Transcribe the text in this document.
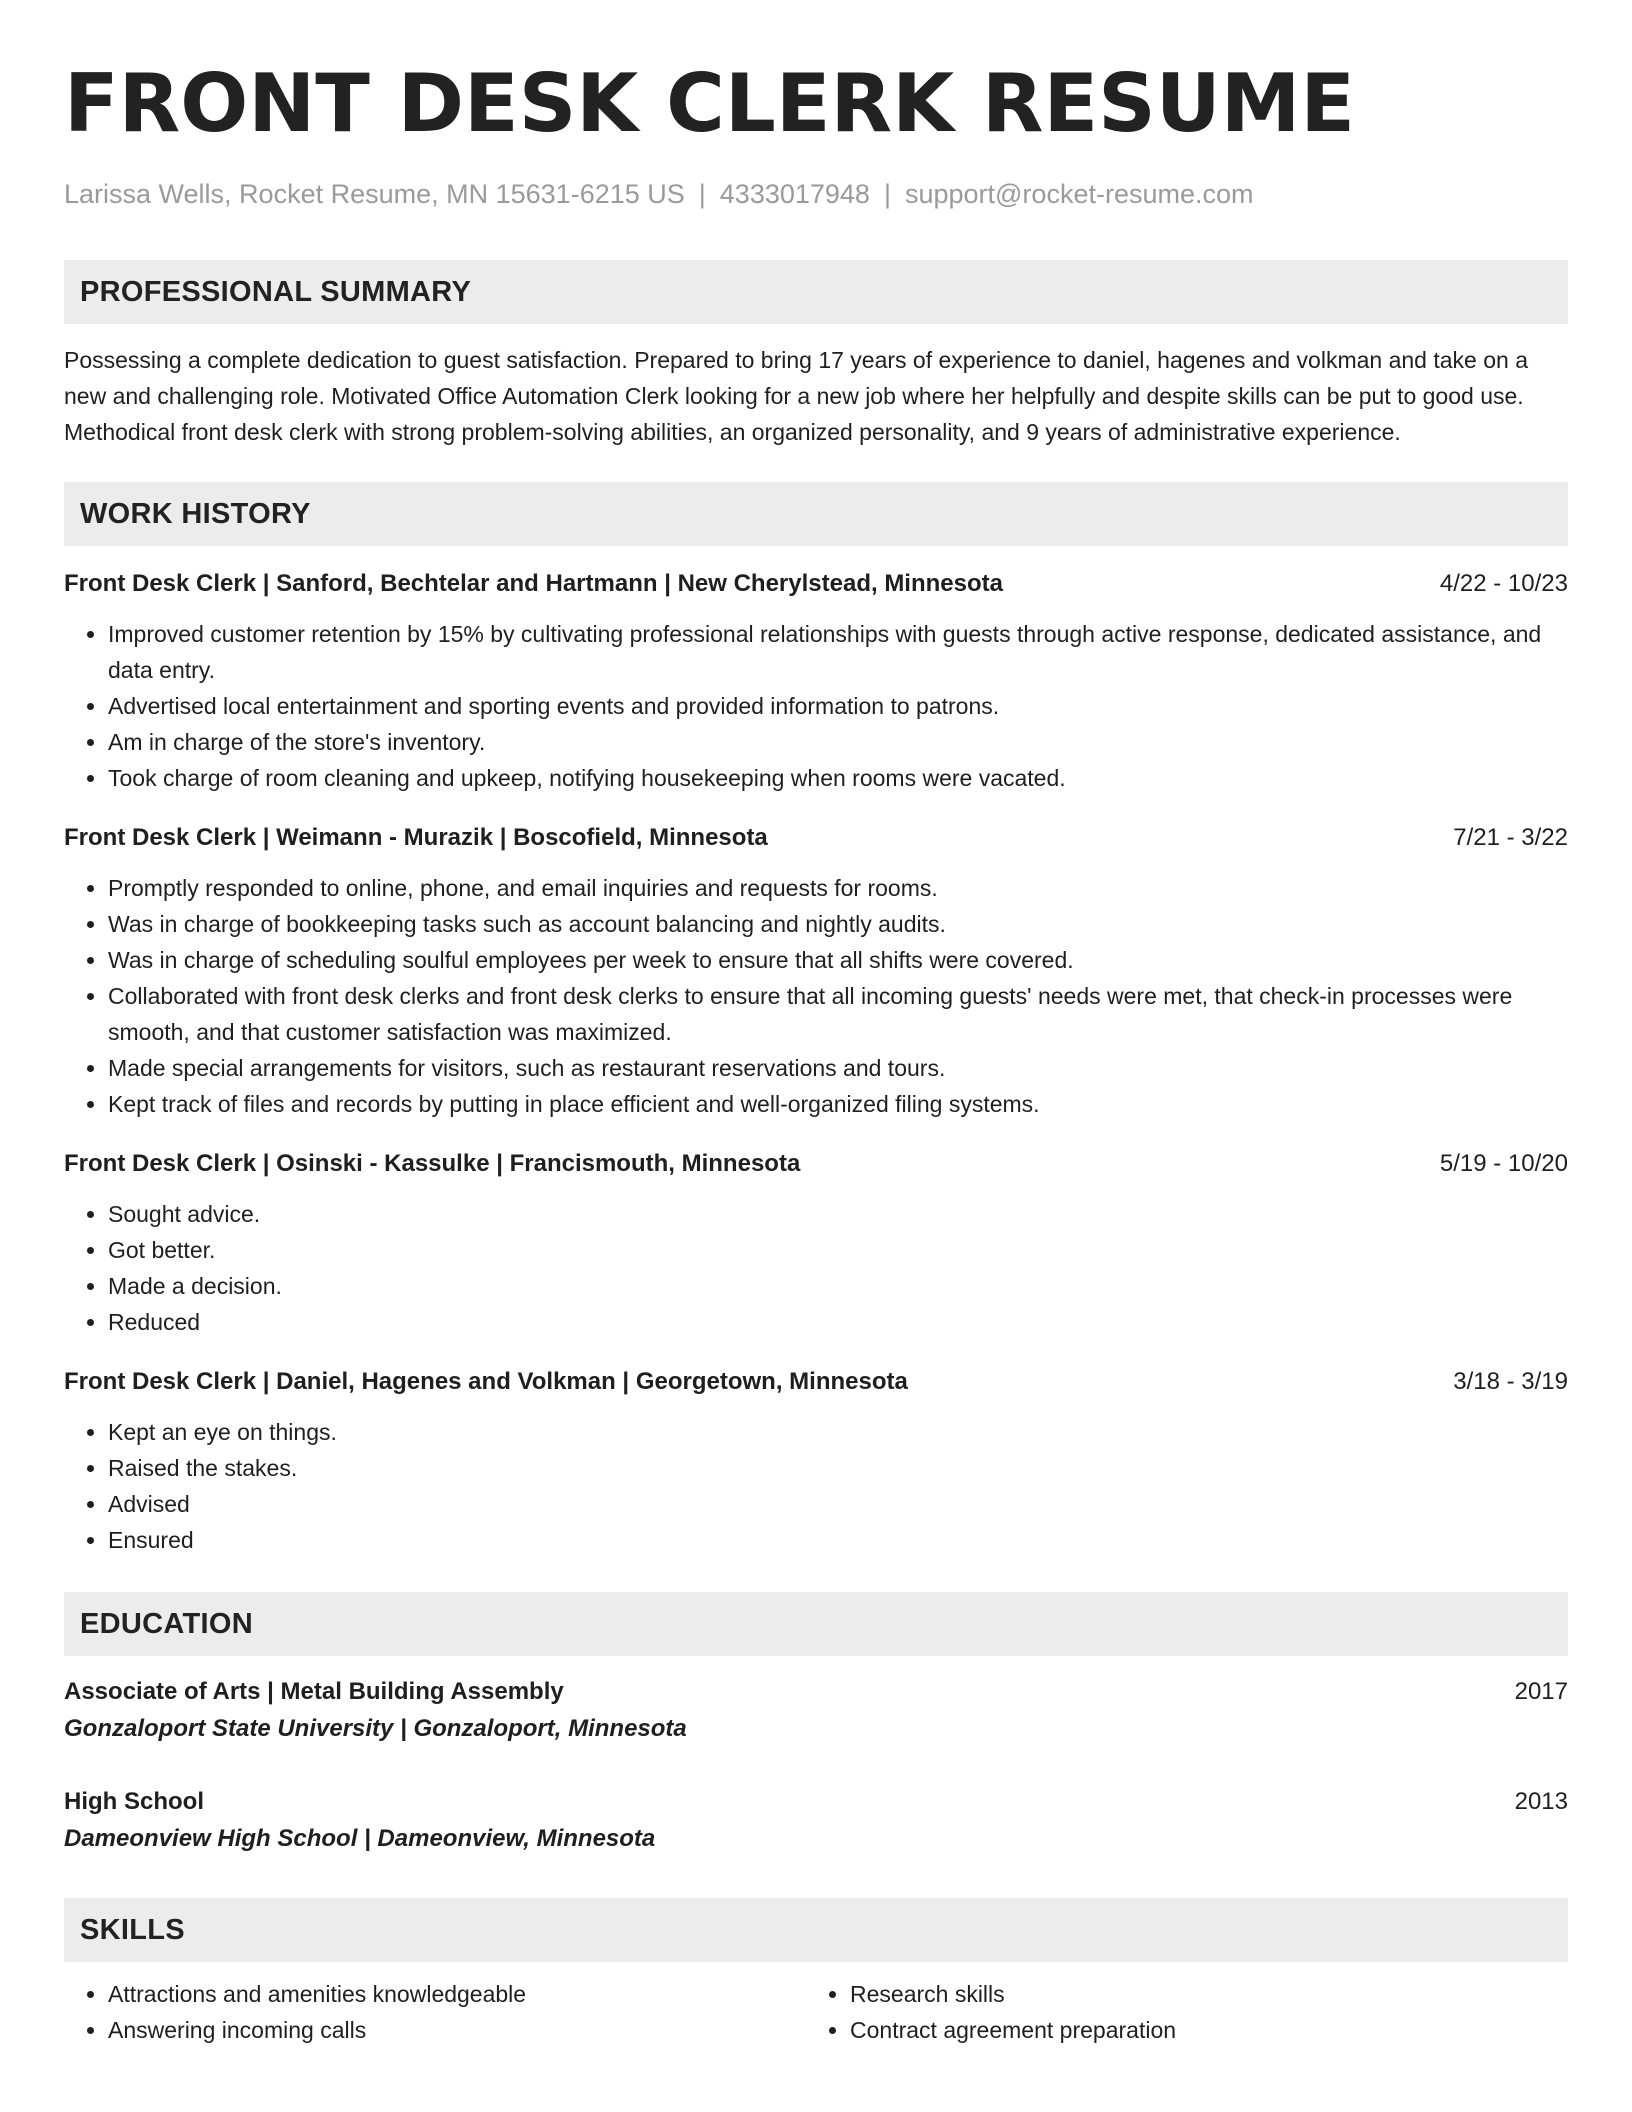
FRONT DESK CLERK RESUME
Larissa Wells, Rocket Resume, MN 15631-6215 US | 4333017948 | support@rocket-resume.com
PROFESSIONAL SUMMARY
Possessing a complete dedication to guest satisfaction. Prepared to bring 17 years of experience to daniel, hagenes and volkman and take on a new and challenging role. Motivated Office Automation Clerk looking for a new job where her helpfully and despite skills can be put to good use. Methodical front desk clerk with strong problem-solving abilities, an organized personality, and 9 years of administrative experience.
WORK HISTORY
Front Desk Clerk | Sanford, Bechtelar and Hartmann | New Cherylstead, Minnesota	4/22 - 10/23
• Improved customer retention by 15% by cultivating professional relationships with guests through active response, dedicated assistance, and data entry.
• Advertised local entertainment and sporting events and provided information to patrons.
• Am in charge of the store's inventory.
• Took charge of room cleaning and upkeep, notifying housekeeping when rooms were vacated.
Front Desk Clerk | Weimann - Murazik | Boscofield, Minnesota	7/21 - 3/22
• Promptly responded to online, phone, and email inquiries and requests for rooms.
• Was in charge of bookkeeping tasks such as account balancing and nightly audits.
• Was in charge of scheduling soulful employees per week to ensure that all shifts were covered.
• Collaborated with front desk clerks and front desk clerks to ensure that all incoming guests' needs were met, that check-in processes were smooth, and that customer satisfaction was maximized.
• Made special arrangements for visitors, such as restaurant reservations and tours.
• Kept track of files and records by putting in place efficient and well-organized filing systems.
Front Desk Clerk | Osinski - Kassulke | Francismouth, Minnesota	5/19 - 10/20
• Sought advice.
• Got better.
• Made a decision.
• Reduced
Front Desk Clerk | Daniel, Hagenes and Volkman | Georgetown, Minnesota	3/18 - 3/19
• Kept an eye on things.
• Raised the stakes.
• Advised
• Ensured
EDUCATION
Associate of Arts | Metal Building Assembly	2017
Gonzaloport State University | Gonzaloport, Minnesota
High School	2013
Dameonview High School | Dameonview, Minnesota
SKILLS
• Attractions and amenities knowledgeable
• Answering incoming calls
• Research skills
• Contract agreement preparation
